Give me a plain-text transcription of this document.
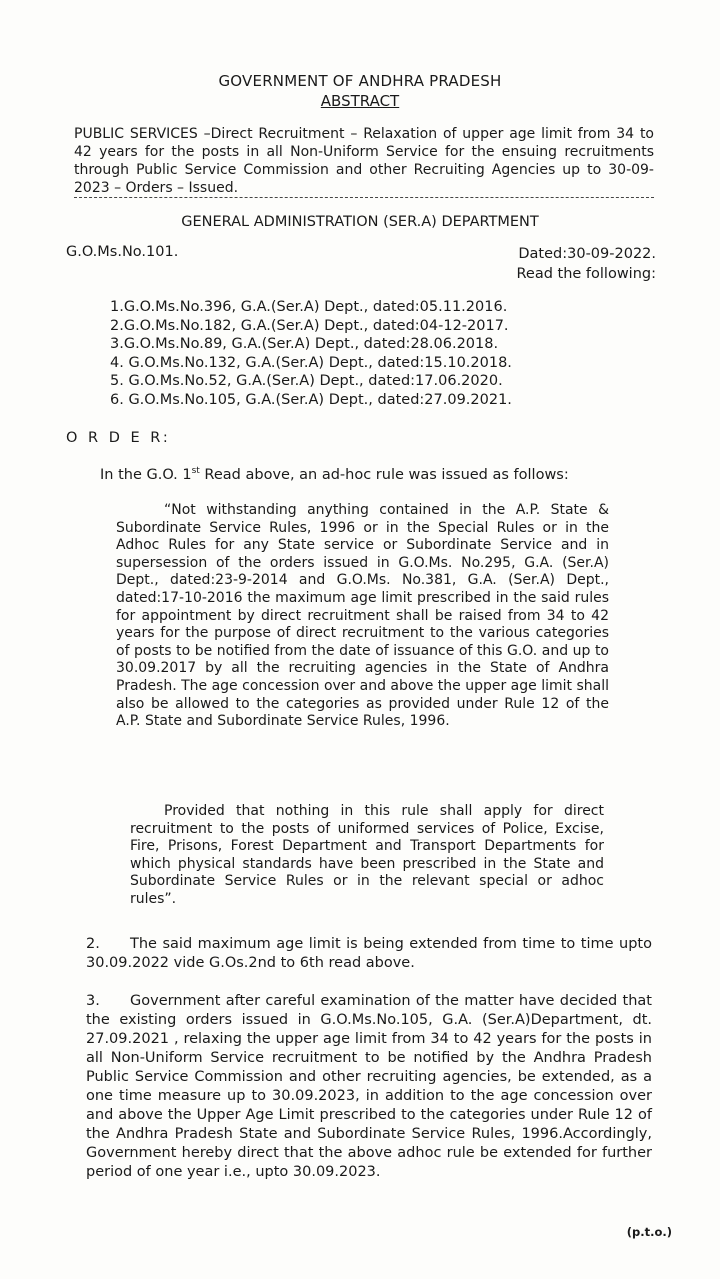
GOVERNMENT OF ANDHRA PRADESH
ABSTRACT
PUBLIC SERVICES –Direct Recruitment – Relaxation of upper age limit from 34 to 42 years for the posts in all Non-Uniform Service for the ensuing recruitments through Public Service Commission and other Recruiting Agencies up to 30-09-2023 – Orders – Issued.
GENERAL ADMINISTRATION (SER.A) DEPARTMENT
G.O.Ms.No.101.	Dated:30-09-2022.
Read the following:
1.G.O.Ms.No.396, G.A.(Ser.A) Dept., dated:05.11.2016.
2.G.O.Ms.No.182, G.A.(Ser.A) Dept., dated:04-12-2017.
3.G.O.Ms.No.89, G.A.(Ser.A) Dept., dated:28.06.2018.
4. G.O.Ms.No.132, G.A.(Ser.A) Dept., dated:15.10.2018.
5. G.O.Ms.No.52, G.A.(Ser.A) Dept., dated:17.06.2020.
6. G.O.Ms.No.105, G.A.(Ser.A) Dept., dated:27.09.2021.
O R D E R:
In the G.O. 1st Read above, an ad-hoc rule was issued as follows:
“Not withstanding anything contained in the A.P. State & Subordinate Service Rules, 1996 or in the Special Rules or in the Adhoc Rules for any State service or Subordinate Service and in supersession of the orders issued in G.O.Ms. No.295, G.A. (Ser.A) Dept., dated:23-9-2014 and G.O.Ms. No.381, G.A. (Ser.A) Dept., dated:17-10-2016 the maximum age limit prescribed in the said rules for appointment by direct recruitment shall be raised from 34 to 42 years for the purpose of direct recruitment to the various categories of posts to be notified from the date of issuance of this G.O. and up to 30.09.2017 by all the recruiting agencies in the State of Andhra Pradesh. The age concession over and above the upper age limit shall also be allowed to the categories as provided under Rule 12 of the A.P. State and Subordinate Service Rules, 1996.
Provided that nothing in this rule shall apply for direct recruitment to the posts of uniformed services of Police, Excise, Fire, Prisons, Forest Department and Transport Departments for which physical standards have been prescribed in the State and Subordinate Service Rules or in the relevant special or adhoc rules”.
2. The said maximum age limit is being extended from time to time upto 30.09.2022 vide G.Os.2nd to 6th read above.
3. Government after careful examination of the matter have decided that the existing orders issued in G.O.Ms.No.105, G.A. (Ser.A)Department, dt. 27.09.2021 , relaxing the upper age limit from 34 to 42 years for the posts in all Non-Uniform Service recruitment to be notified by the Andhra Pradesh Public Service Commission and other recruiting agencies, be extended, as a one time measure up to 30.09.2023, in addition to the age concession over and above the Upper Age Limit prescribed to the categories under Rule 12 of the Andhra Pradesh State and Subordinate Service Rules, 1996.Accordingly, Government hereby direct that the above adhoc rule be extended for further period of one year i.e., upto 30.09.2023.
(p.t.o.)
